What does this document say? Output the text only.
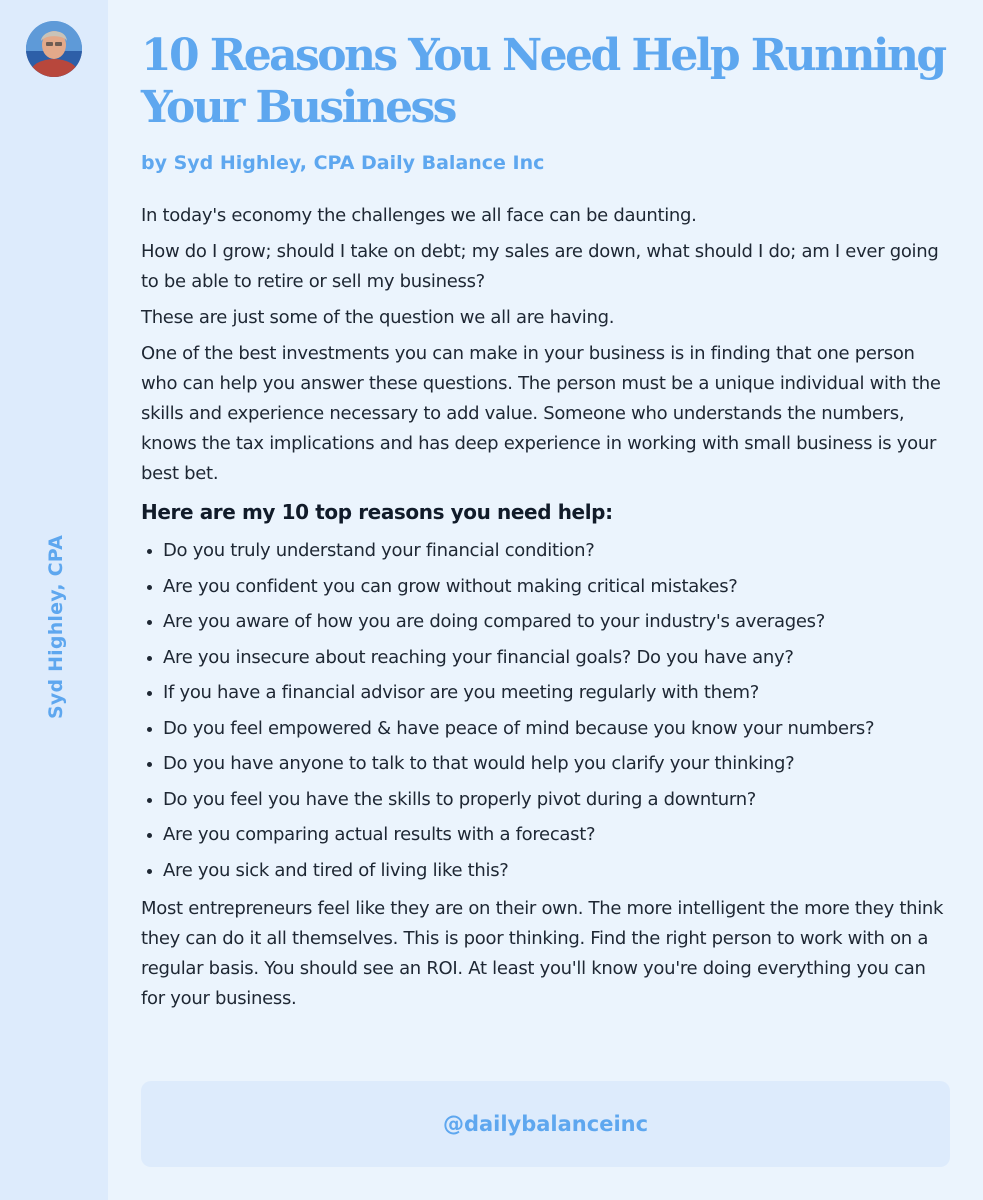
Syd Highley, CPA
10 Reasons You Need Help Running Your Business
by Syd Highley, CPA Daily Balance Inc

In today's economy the challenges we all face can be daunting.

How do I grow; should I take on debt; my sales are down, what should I do; am I ever going to be able to retire or sell my business?

These are just some of the question we all are having.

One of the best investments you can make in your business is in finding that one person who can help you answer these questions. The person must be a unique individual with the skills and experience necessary to add value. Someone who understands the numbers, knows the tax implications and has deep experience in working with small business is your best bet.

Here are my 10 top reasons you need help:
• Do you truly understand your financial condition?
• Are you confident you can grow without making critical mistakes?
• Are you aware of how you are doing compared to your industry's averages?
• Are you insecure about reaching your financial goals? Do you have any?
• If you have a financial advisor are you meeting regularly with them?
• Do you feel empowered & have peace of mind because you know your numbers?
• Do you have anyone to talk to that would help you clarify your thinking?
• Do you feel you have the skills to properly pivot during a downturn?
• Are you comparing actual results with a forecast?
• Are you sick and tired of living like this?

Most entrepreneurs feel like they are on their own. The more intelligent the more they think they can do it all themselves. This is poor thinking. Find the right person to work with on a regular basis. You should see an ROI. At least you'll know you're doing everything you can for your business.

@dailybalanceinc
